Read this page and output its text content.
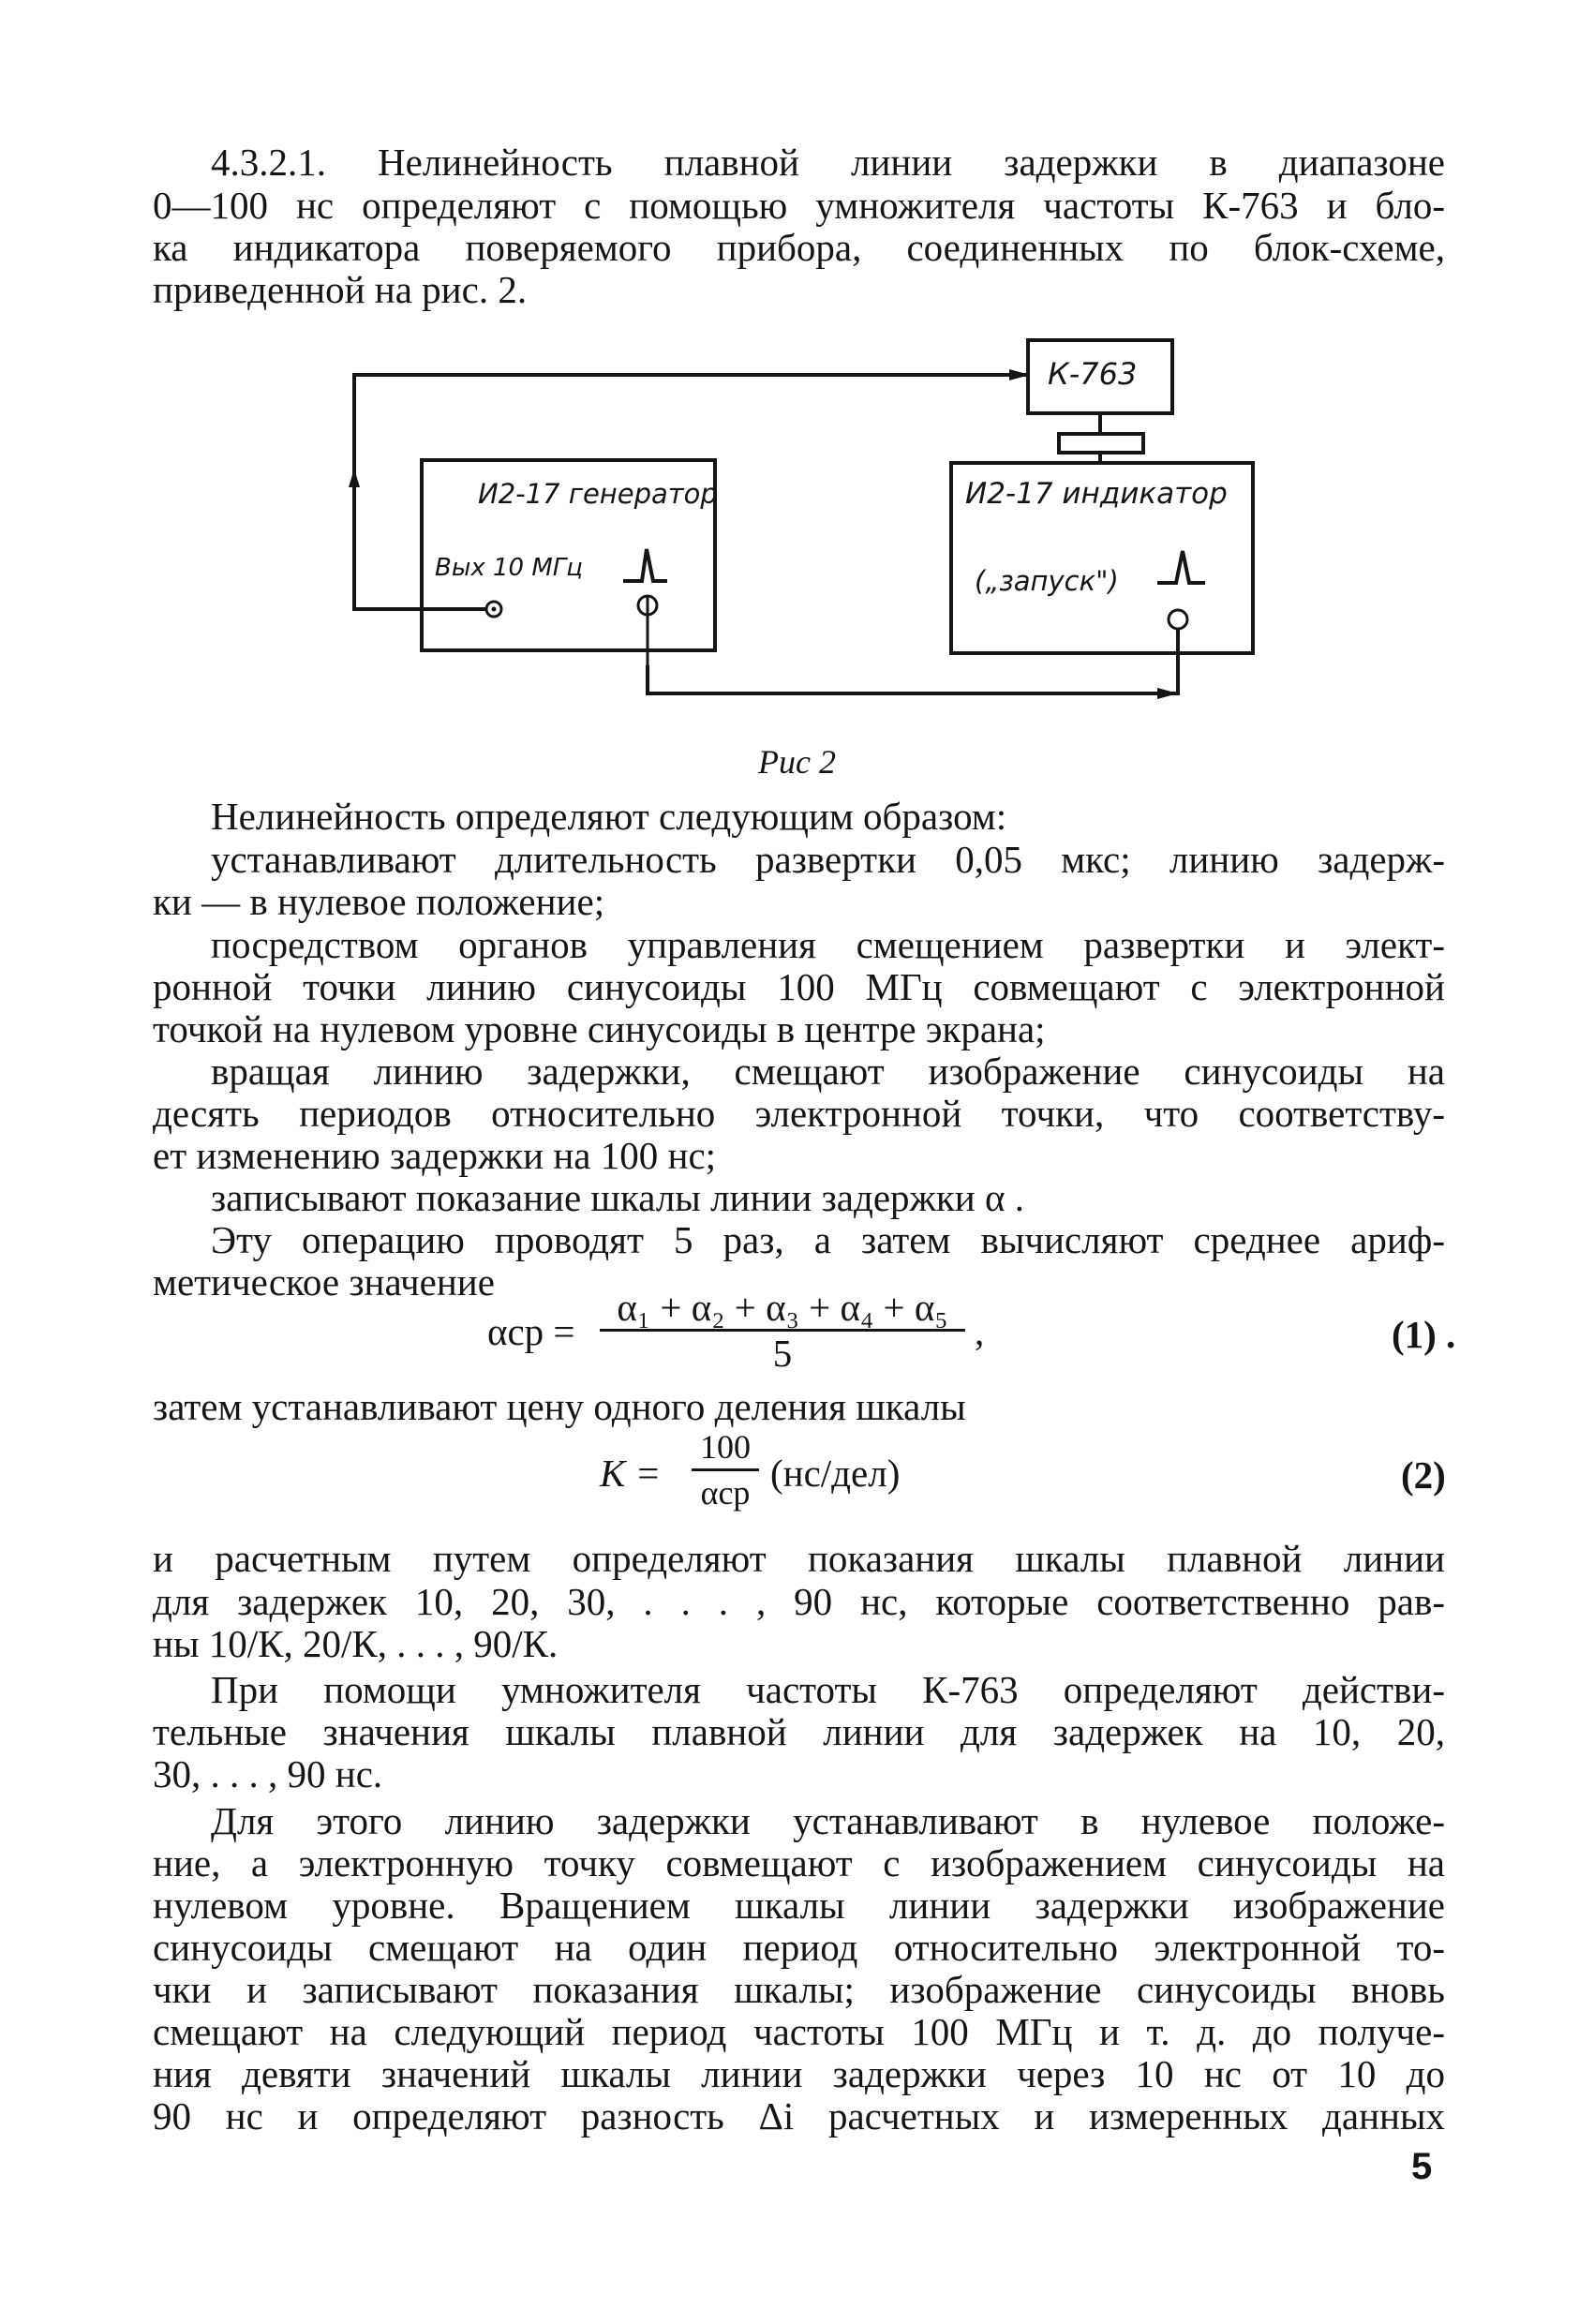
4.3.2.1. Нелинейность плавной линии задержки в диапазоне
0—100 нс определяют с помощью умножителя частоты К-763 и бло-
ка индикатора поверяемого прибора, соединенных по блок-схеме,
приведенной на рис. 2.
К-763
И2-17 генератор
Вых 10 МГц
И2-17 индикатор
(„запуск")
Рис 2
Нелинейность определяют следующим образом:
устанавливают длительность развертки 0,05 мкс; линию задерж-
ки — в нулевое положение;
посредством органов управления смещением развертки и элект-
ронной точки линию синусоиды 100 МГц совмещают с электронной
точкой на нулевом уровне синусоиды в центре экрана;
вращая линию задержки, смещают изображение синусоиды на
десять периодов относительно электронной точки, что соответству-
ет изменению задержки на 100 нс;
записывают показание шкалы линии задержки α .
Эту операцию проводят 5 раз, а затем вычисляют среднее ариф-
метическое значение
αср =
α₁ + α₂ + α₃ + α₄ + α₅
5	,	(1) .
затем устанавливают цену одного деления шкалы
K =
100
αср (нс/дел)	(2)
и расчетным путем определяют показания шкалы плавной линии
для задержек 10, 20, 30, . . . , 90 нс, которые соответственно рав-
ны 10/К, 20/К, . . . , 90/К.
При помощи умножителя частоты К-763 определяют действи-
тельные значения шкалы плавной линии для задержек на 10, 20,
30, . . . , 90 нс.
Для этого линию задержки устанавливают в нулевое положе-
ние, а электронную точку совмещают с изображением синусоиды на
нулевом уровне. Вращением шкалы линии задержки изображение
синусоиды смещают на один период относительно электронной то-
чки и записывают показания шкалы; изображение синусоиды вновь
смещают на следующий период частоты 100 МГц и т. д. до получе-
ния девяти значений шкалы линии задержки через 10 нс от 10 до
90 нс и определяют разность Δi расчетных и измеренных данных
5
